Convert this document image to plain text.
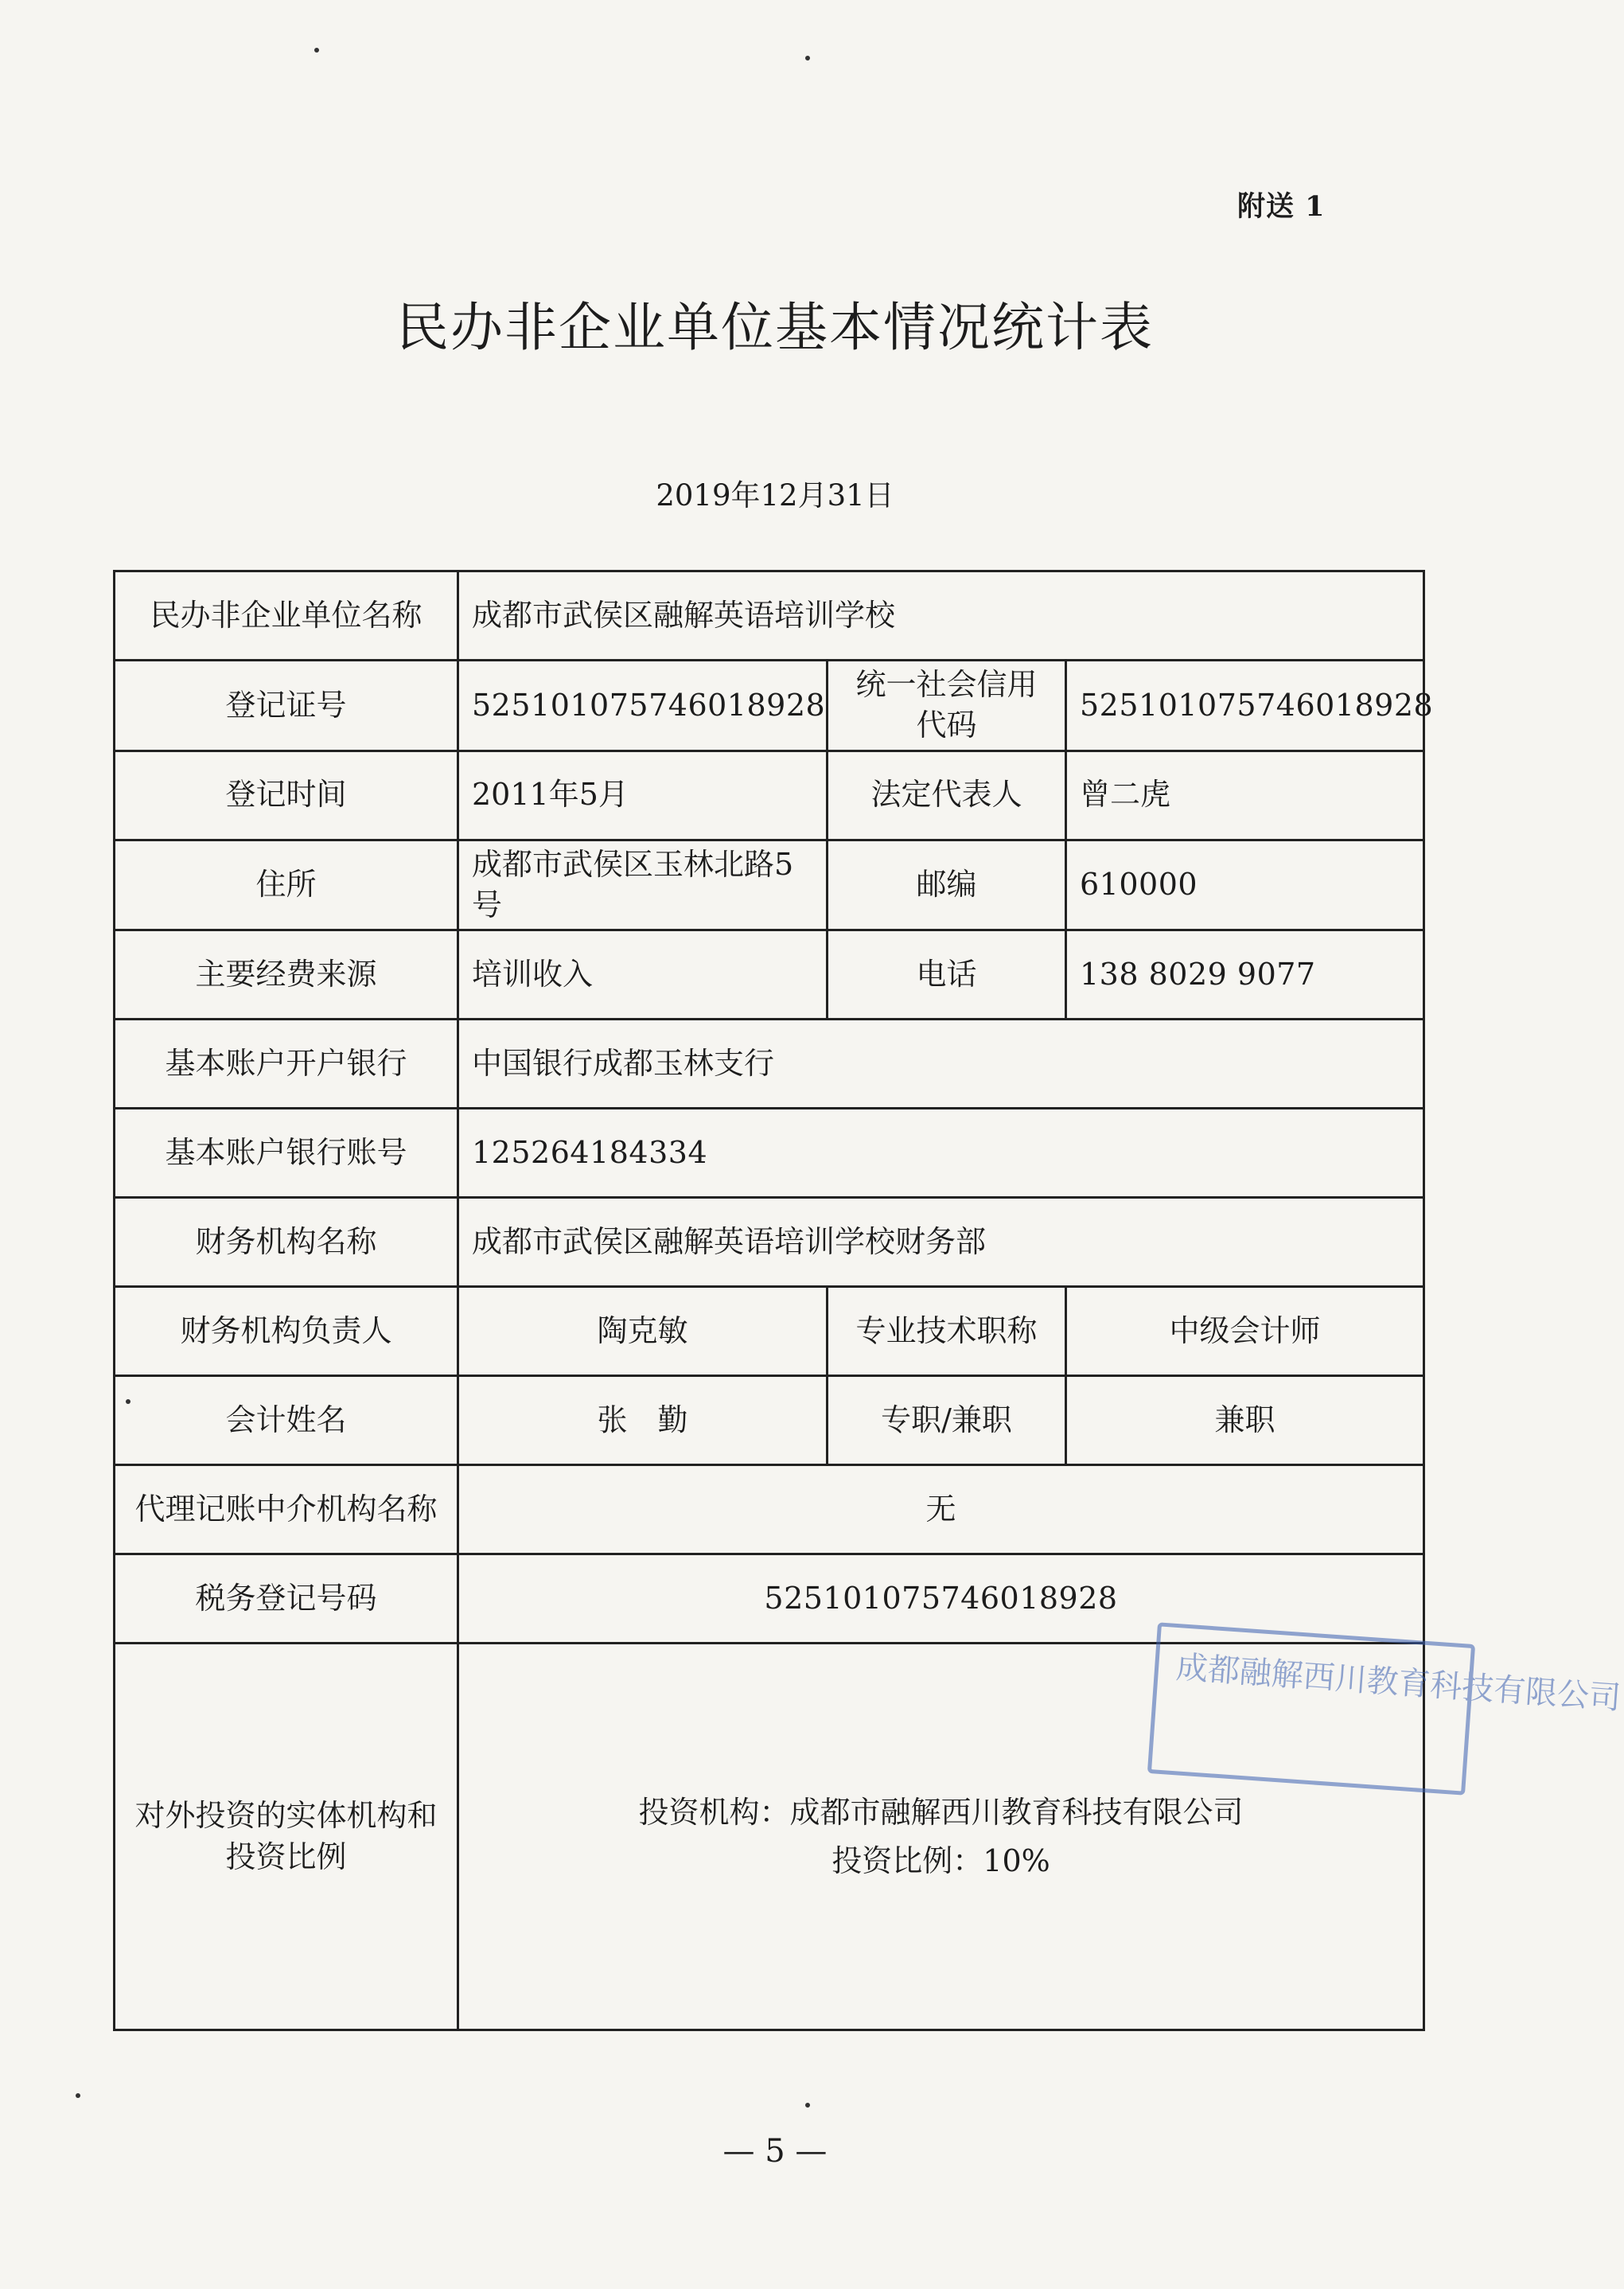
附送 1
民办非企业单位基本情况统计表
2019年12月31日
民办非企业单位名称	成都市武侯区融解英语培训学校		
登记证号	525101075746018928	统一社会信用代码	525101075746018928
登记时间	2011年5月	法定代表人	曾二虎
住所	成都市武侯区玉林北路5号	邮编	610000
主要经费来源	培训收入	电话	138 8029 9077
基本账户开户银行	中国银行成都玉林支行		
基本账户银行账号	125264184334		
财务机构名称	成都市武侯区融解英语培训学校财务部		
财务机构负责人	陶克敏	专业技术职称	中级会计师
会计姓名	张　勤	专职/兼职	兼职
代理记账中介机构名称	无		
税务登记号码	525101075746018928		
对外投资的实体机构和投资比例	投资机构：成都市融解西川教育科技有限公司
投资比例：10%		
成都融解西川教育科技有限公司
— 5 —
